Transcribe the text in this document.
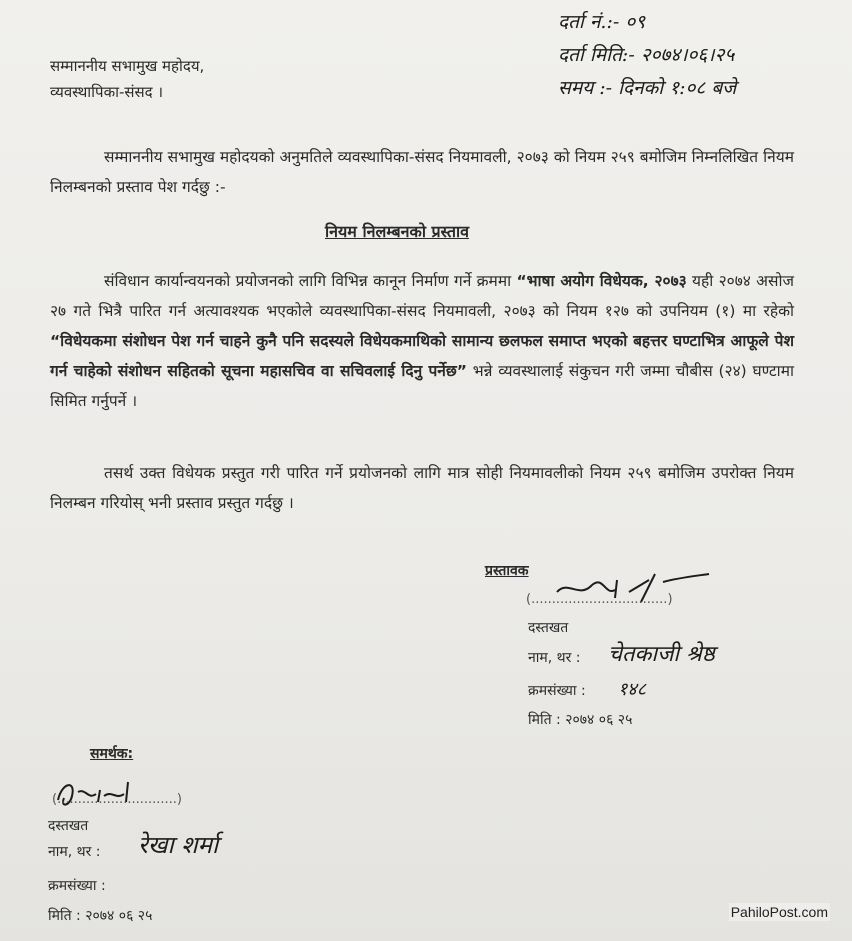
दर्ता नं.:- ०९
दर्ता मिति:- २०७४।०६।२५
समय :- दिनको १:०८ बजे
सम्माननीय सभामुख महोदय,
व्यवस्थापिका-संसद ।
सम्माननीय सभामुख महोदयको अनुमतिले व्यवस्थापिका-संसद नियमावली, २०७३ को नियम २५९ बमोजिम निम्नलिखित नियम निलम्बनको प्रस्ताव पेश गर्दछु :-
नियम निलम्बनको प्रस्ताव
संविधान कार्यान्वयनको प्रयोजनको लागि विभिन्न कानून निर्माण गर्ने क्रममा “भाषा अयोग विधेयक, २०७३ यही २०७४ असोज २७ गते भित्रै पारित गर्न अत्यावश्यक भएकोले व्यवस्थापिका-संसद नियमावली, २०७३ को नियम १२७ को उपनियम (१) मा रहेको “विधेयकमा संशोधन पेश गर्न चाहने कुनै पनि सदस्यले विधेयकमाथिको सामान्य छलफल समाप्त भएको बहत्तर घण्टाभित्र आफूले पेश गर्न चाहेको संशोधन सहितको सूचना महासचिव वा सचिवलाई दिनु पर्नेछ” भन्ने व्यवस्थालाई संकुचन गरी जम्मा चौबीस (२४) घण्टामा सिमित गर्नुपर्ने ।
तसर्थ उक्त विधेयक प्रस्तुत गरी पारित गर्ने प्रयोजनको लागि मात्र सोही नियमावलीको नियम २५९ बमोजिम उपरोक्त नियम निलम्बन गरियोस् भनी प्रस्ताव प्रस्तुत गर्दछु ।
प्रस्तावक
(.................................)
दस्तखत
नाम, थर : चेतकाजी श्रेष्ठ
क्रमसंख्या : १४८
मिति : २०७४ ०६ २५
समर्थक:
(.............................)
दस्तखत
नाम, थर : रेखा शर्मा
क्रमसंख्या :
मिति : २०७४ ०६ २५	PahiloPost.com
